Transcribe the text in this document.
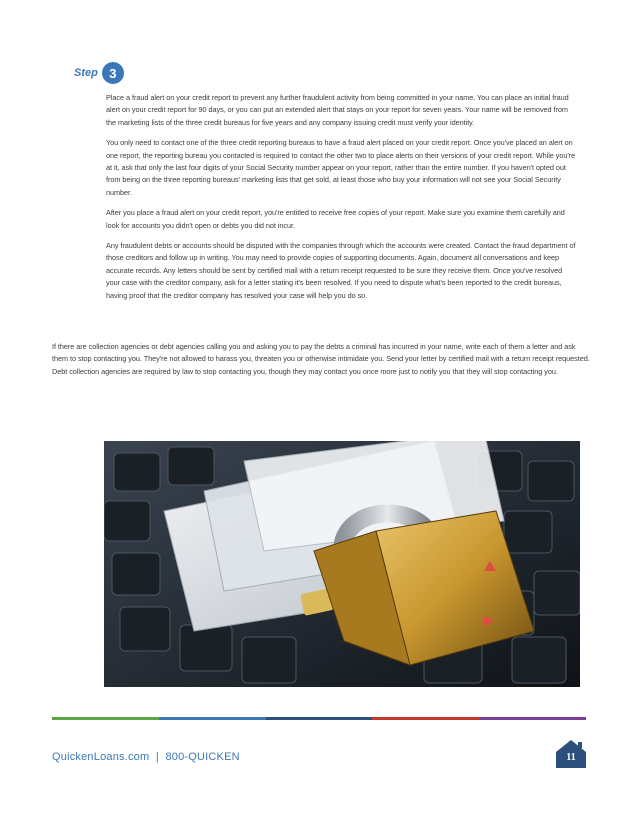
Step 3

Place a fraud alert on your credit report to prevent any further fraudulent activity from being committed in your name. You can place an initial fraud alert on your credit report for 90 days, or you can put an extended alert that stays on your report for seven years. Your name will be removed from the marketing lists of the three credit bureaus for five years and any company issuing credit must verify your identity.

You only need to contact one of the three credit reporting bureaus to have a fraud alert placed on your credit report. Once you've placed an alert on one report, the reporting bureau you contacted is required to contact the other two to place alerts on their versions of your credit report. While you're at it, ask that only the last four digits of your Social Security number appear on your report, rather than the entire number. If you haven't opted out from being on the three reporting bureaus' marketing lists that get sold, at least those who buy your information will not see your Social Security number.

After you place a fraud alert on your credit report, you're entitled to receive free copies of your report. Make sure you examine them carefully and look for accounts you didn't open or debts you did not incur.

Any fraudulent debts or accounts should be disputed with the companies through which the accounts were created. Contact the fraud department of those creditors and follow up in writing. You may need to provide copies of supporting documents. Again, document all conversations and keep accurate records. Any letters should be sent by certified mail with a return receipt requested to be sure they receive them. Once you've resolved your case with the creditor company, ask for a letter stating it's been resolved. If you need to dispute what's been reported to the credit bureaus, having proof that the creditor company has resolved your case will help you do so.

If there are collection agencies or debt agencies calling you and asking you to pay the debts a criminal has incurred in your name, write each of them a letter and ask them to stop contacting you. They're not allowed to harass you, threaten you or otherwise intimidate you. Send your letter by certified mail with a return receipt requested. Debt collection agencies are required by law to stop contacting you, though they may contact you once more just to notify you that they will stop contacting you.

QuickenLoans.com  |  800-QUICKEN	11
